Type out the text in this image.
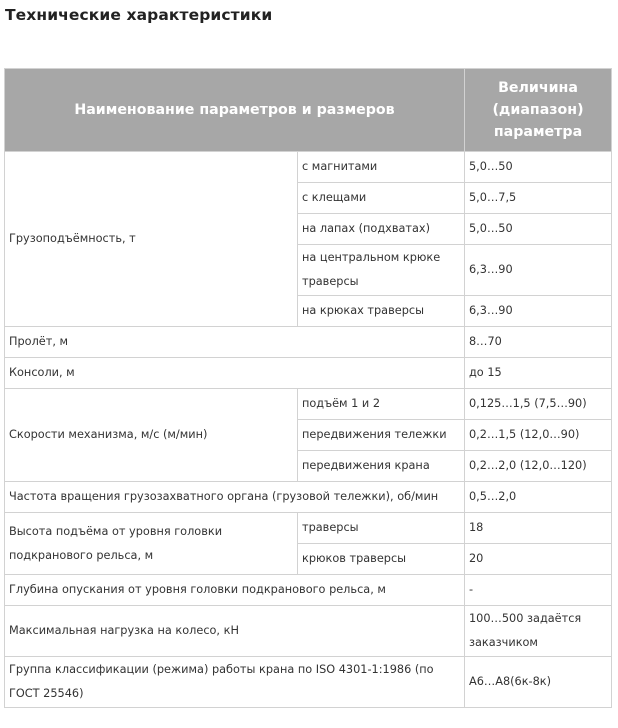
Технические характеристики
Наименование параметров и размеров		Величина (диапазон) параметра
Грузоподъёмность, т	с магнитами	5,0…50
	с клещами	5,0…7,5
	на лапах (подхватах)	5,0…50
	на центральном крюке траверсы	6,3…90
	на крюках траверсы	6,3…90
Пролёт, м		8…70
Консоли, м		до 15
Скорости механизма, м/с (м/мин)	подъём 1 и 2	0,125…1,5 (7,5…90)
	передвижения тележки	0,2…1,5 (12,0…90)
	передвижения крана	0,2…2,0 (12,0…120)
Частота вращения грузозахватного органа (грузовой тележки), об/мин		0,5…2,0
Высота подъёма от уровня головки подкранового рельса, м	траверсы	18
	крюков траверсы	20
Глубина опускания от уровня головки подкранового рельса, м		-
Максимальная нагрузка на колесо, кН		100…500 задаётся заказчиком
Группа классификации (режима) работы крана по ISO 4301-1:1986 (по ГОСТ 25546)		А6…А8(6к-8к)
